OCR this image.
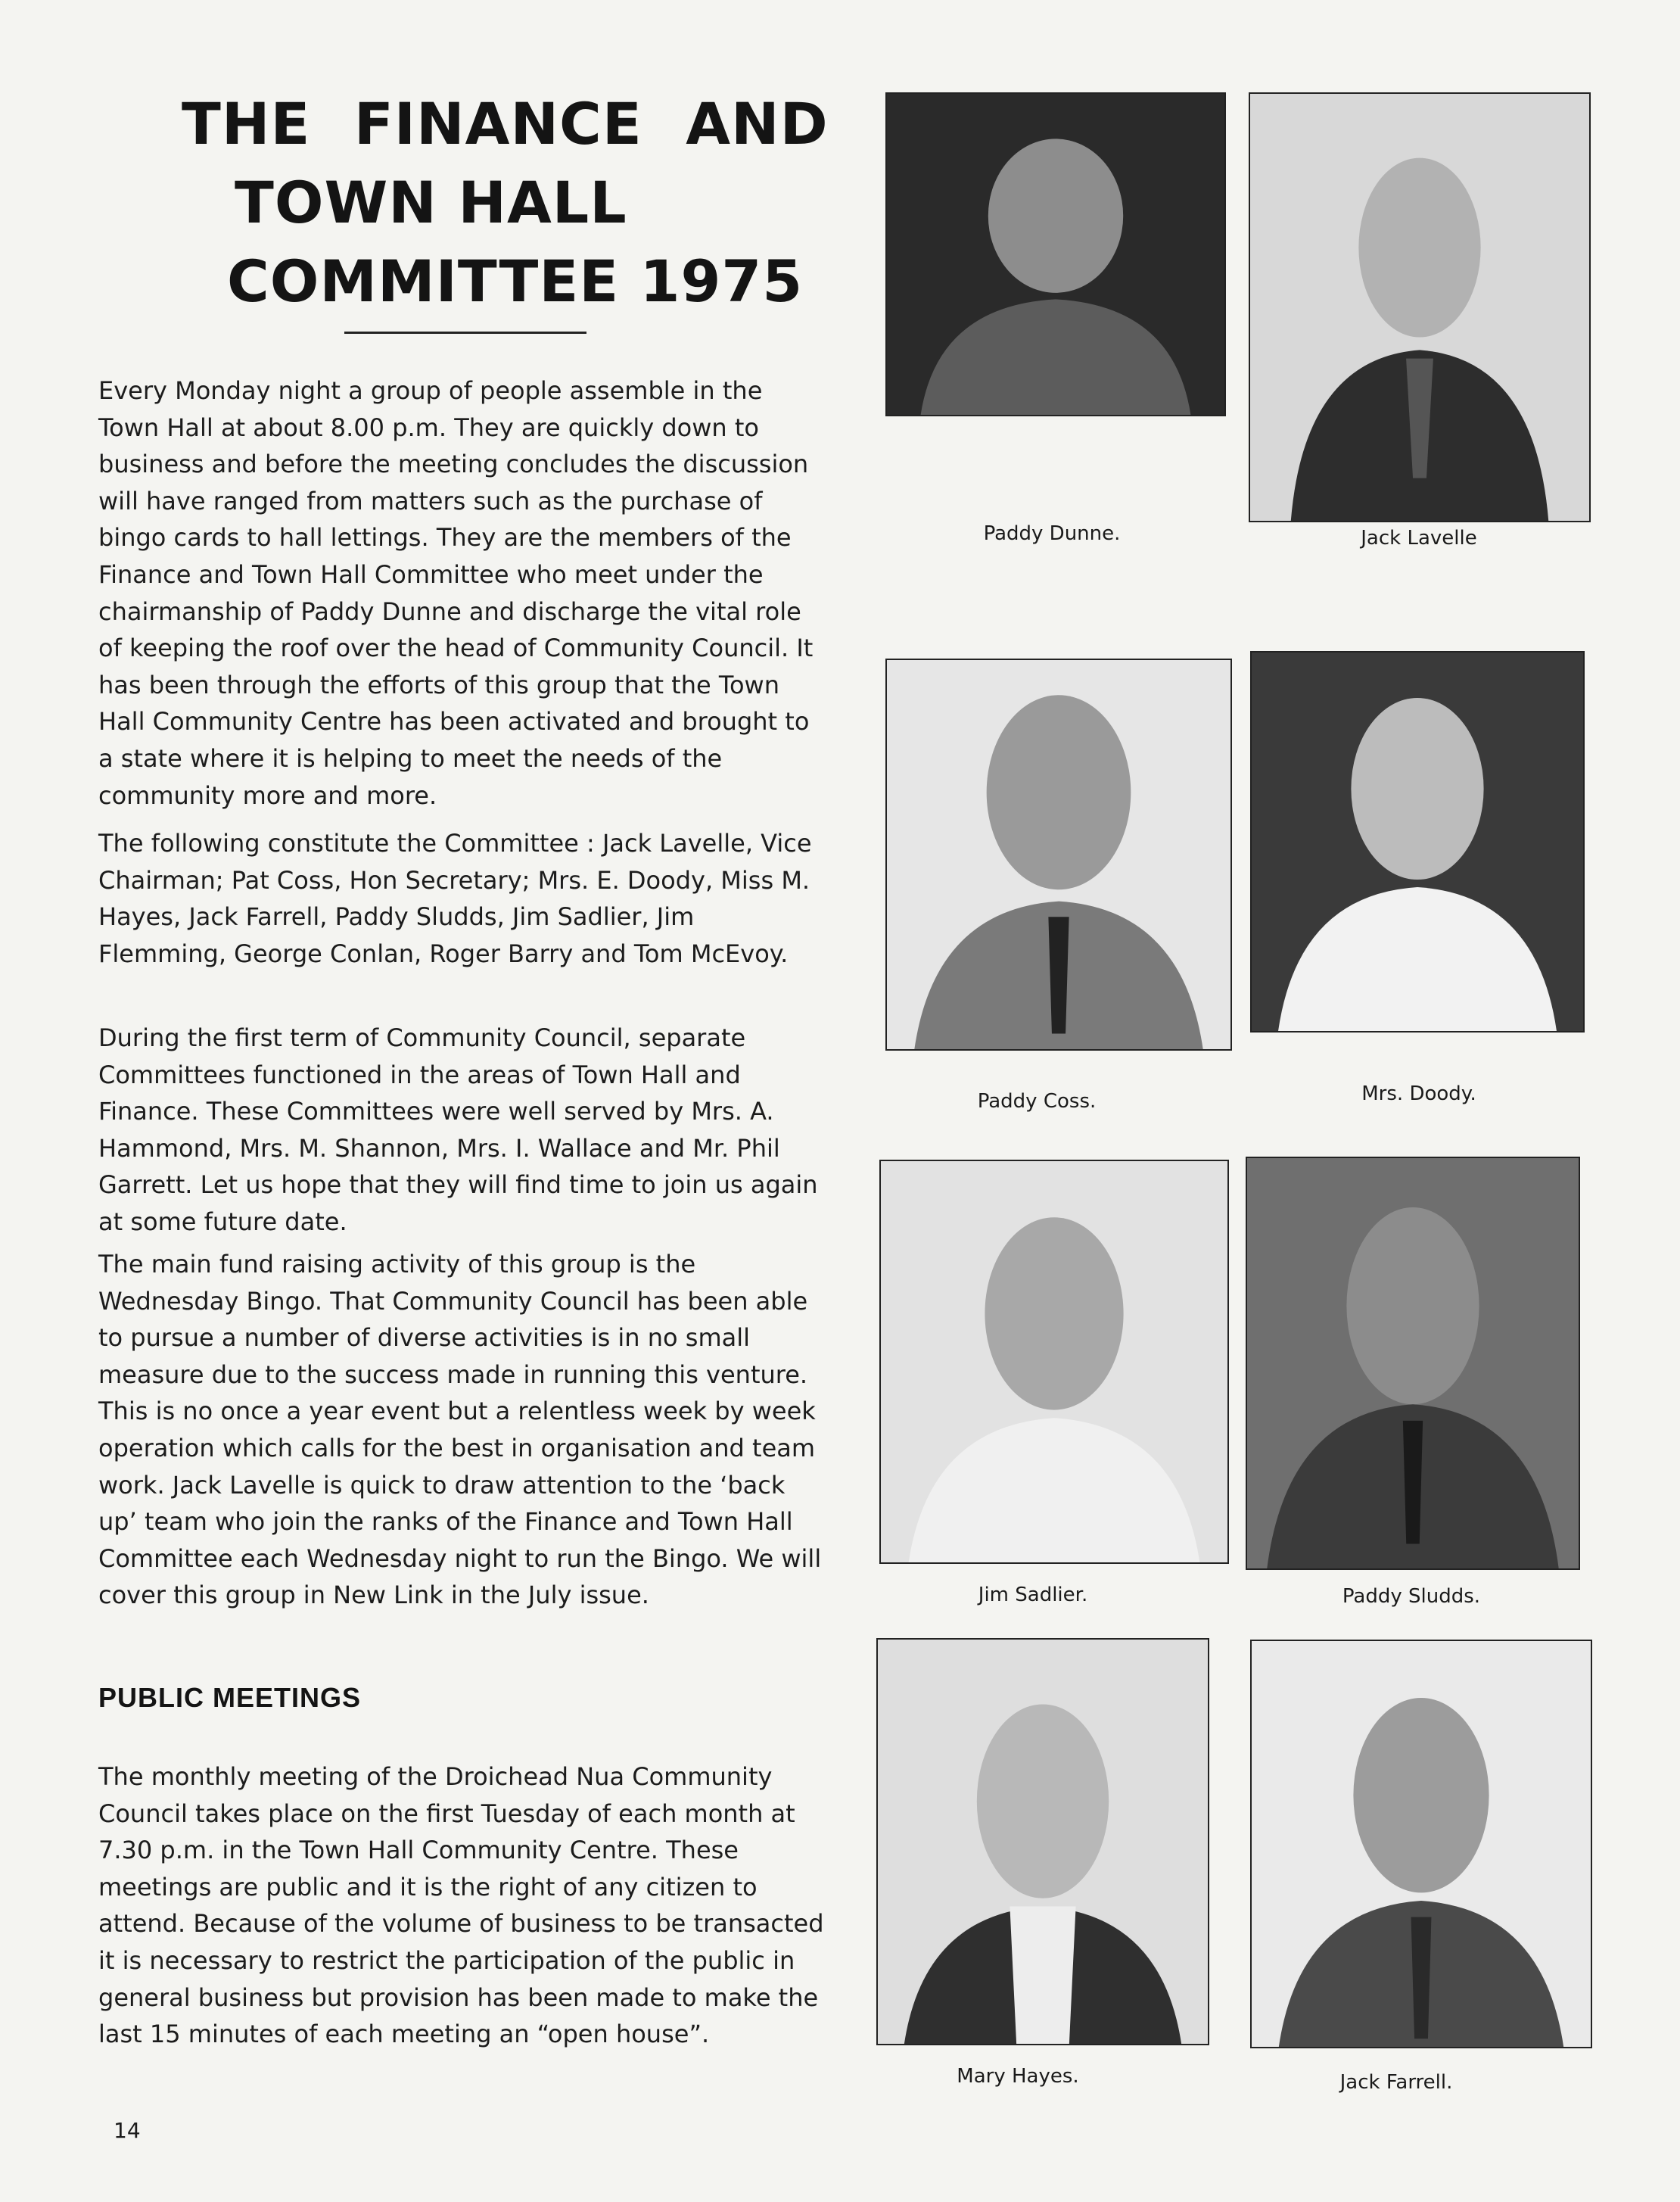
THE FINANCE AND
TOWN HALL
COMMITTEE 1975

Every Monday night a group of people assemble in the Town Hall at about 8.00 p.m. They are quickly down to business and before the meeting concludes the discussion will have ranged from matters such as the purchase of bingo cards to hall lettings. They are the members of the Finance and Town Hall Committee who meet under the chairmanship of Paddy Dunne and discharge the vital role of keeping the roof over the head of Community Council. It has been through the efforts of this group that the Town Hall Community Centre has been activated and brought to a state where it is helping to meet the needs of the community more and more.

The following constitute the Committee : Jack Lavelle, Vice Chairman; Pat Coss, Hon Secretary; Mrs. E. Doody, Miss M. Hayes, Jack Farrell, Paddy Sludds, Jim Sadlier, Jim Flemming, George Conlan, Roger Barry and Tom McEvoy.

During the first term of Community Council, separate Committees functioned in the areas of Town Hall and Finance. These Committees were well served by Mrs. A. Hammond, Mrs. M. Shannon, Mrs. I. Wallace and Mr. Phil Garrett. Let us hope that they will find time to join us again at some future date.

The main fund raising activity of this group is the Wednesday Bingo. That Community Council has been able to pursue a number of diverse activities is in no small measure due to the success made in running this venture. This is no once a year event but a relentless week by week operation which calls for the best in organisation and team work. Jack Lavelle is quick to draw attention to the ‘back up’ team who join the ranks of the Finance and Town Hall Committee each Wednesday night to run the Bingo. We will cover this group in New Link in the July issue.

PUBLIC MEETINGS

The monthly meeting of the Droichead Nua Community Council takes place on the first Tuesday of each month at 7.30 p.m. in the Town Hall Community Centre. These meetings are public and it is the right of any citizen to attend. Because of the volume of business to be transacted it is necessary to restrict the participation of the public in general business but provision has been made to make the last 15 minutes of each meeting an “open house”.

14
Paddy Dunne.	Jack Lavelle
Paddy Coss.	Mrs. Doody.
Jim Sadlier.	Paddy Sludds.
Mary Hayes.	Jack Farrell.
